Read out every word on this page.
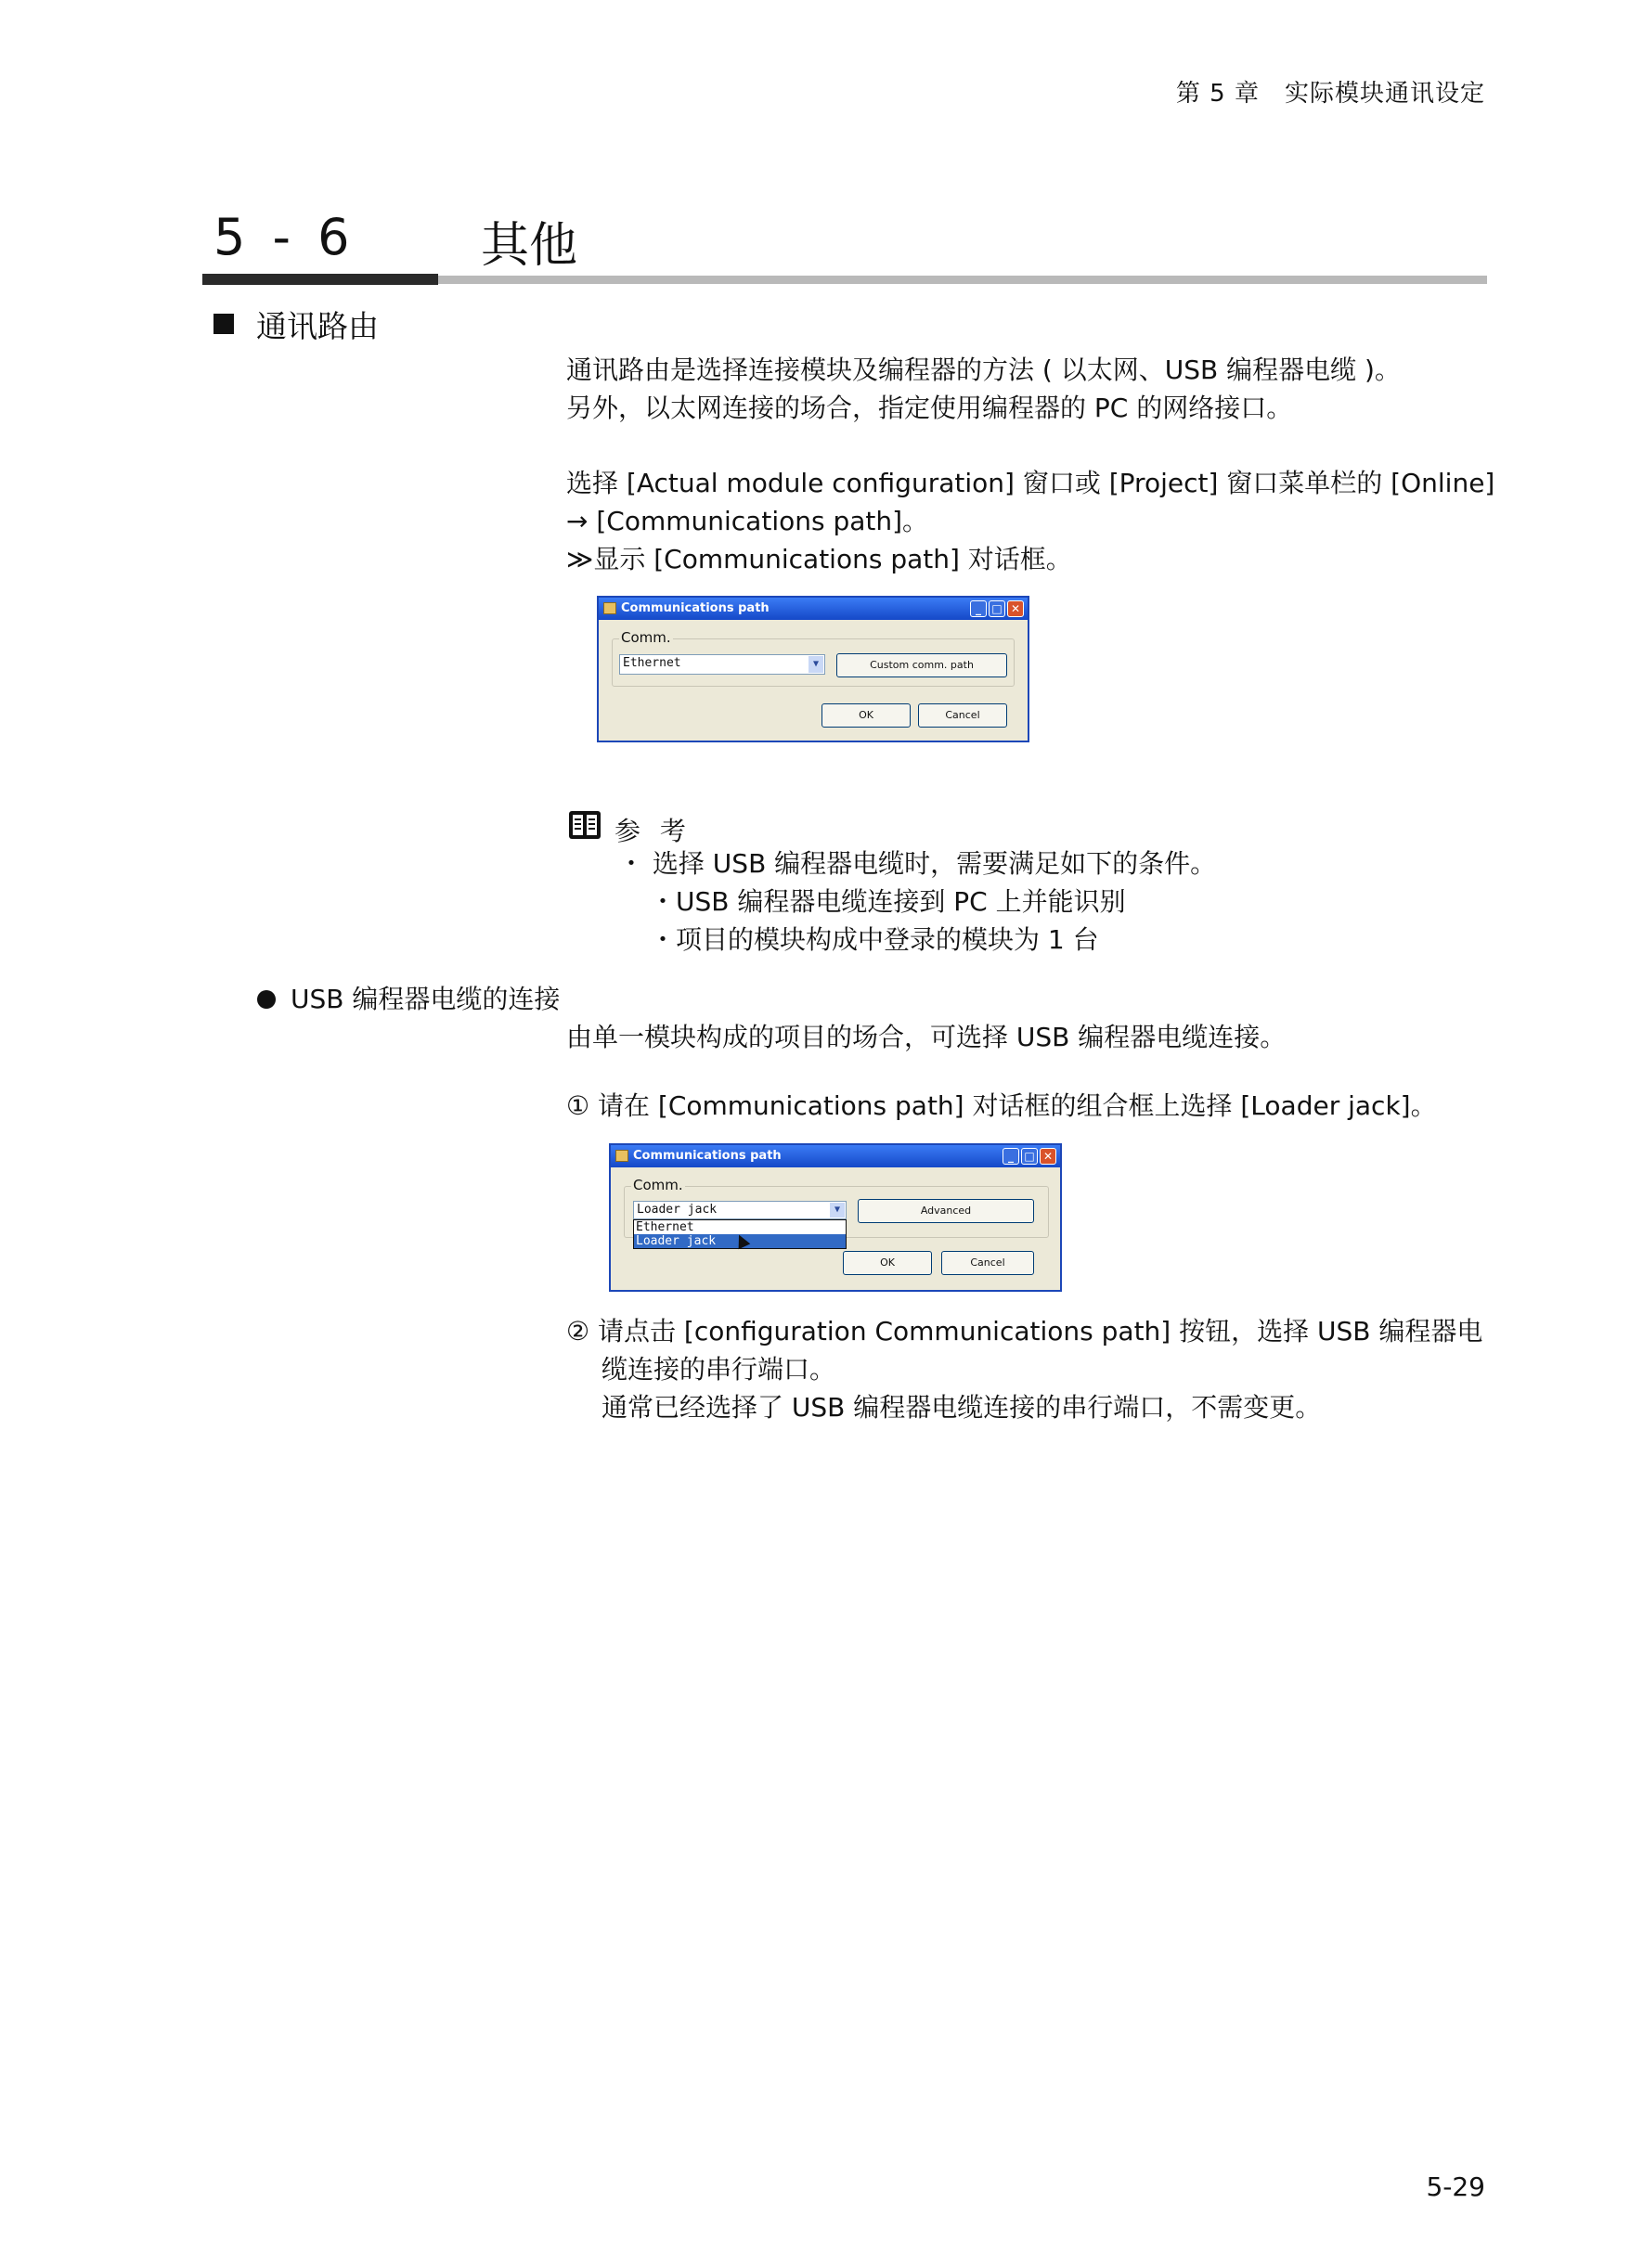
第 5 章　实际模块通讯设定
5 - 6	其他
通讯路由
通讯路由是选择连接模块及编程器的方法 ( 以太网、USB 编程器电缆 )。
另外，以太网连接的场合，指定使用编程器的 PC 的网络接口。
选择 [Actual module configuration] 窗口或 [Project] 窗口菜单栏的 [Online]
→ [Communications path]。
≫显示 [Communications path] 对话框。
Communications path	_ □ ✕
Comm.
Ethernet	▼	Custom comm. path
OK	Cancel
参 考
・ 选择 USB 编程器电缆时，需要满足如下的条件。
・USB 编程器电缆连接到 PC 上并能识别
・项目的模块构成中登录的模块为 1 台
USB 编程器电缆的连接
由单一模块构成的项目的场合，可选择 USB 编程器电缆连接。
① 请在 [Communications path] 对话框的组合框上选择 [Loader jack]。
Communications path	_ □ ✕
Comm.
Loader jack	▼
Ethernet
Loader jack
Advanced
OK	Cancel
② 请点击 [configuration Communications path] 按钮，选择 USB 编程器电
缆连接的串行端口。
通常已经选择了 USB 编程器电缆连接的串行端口，不需变更。
5-29
